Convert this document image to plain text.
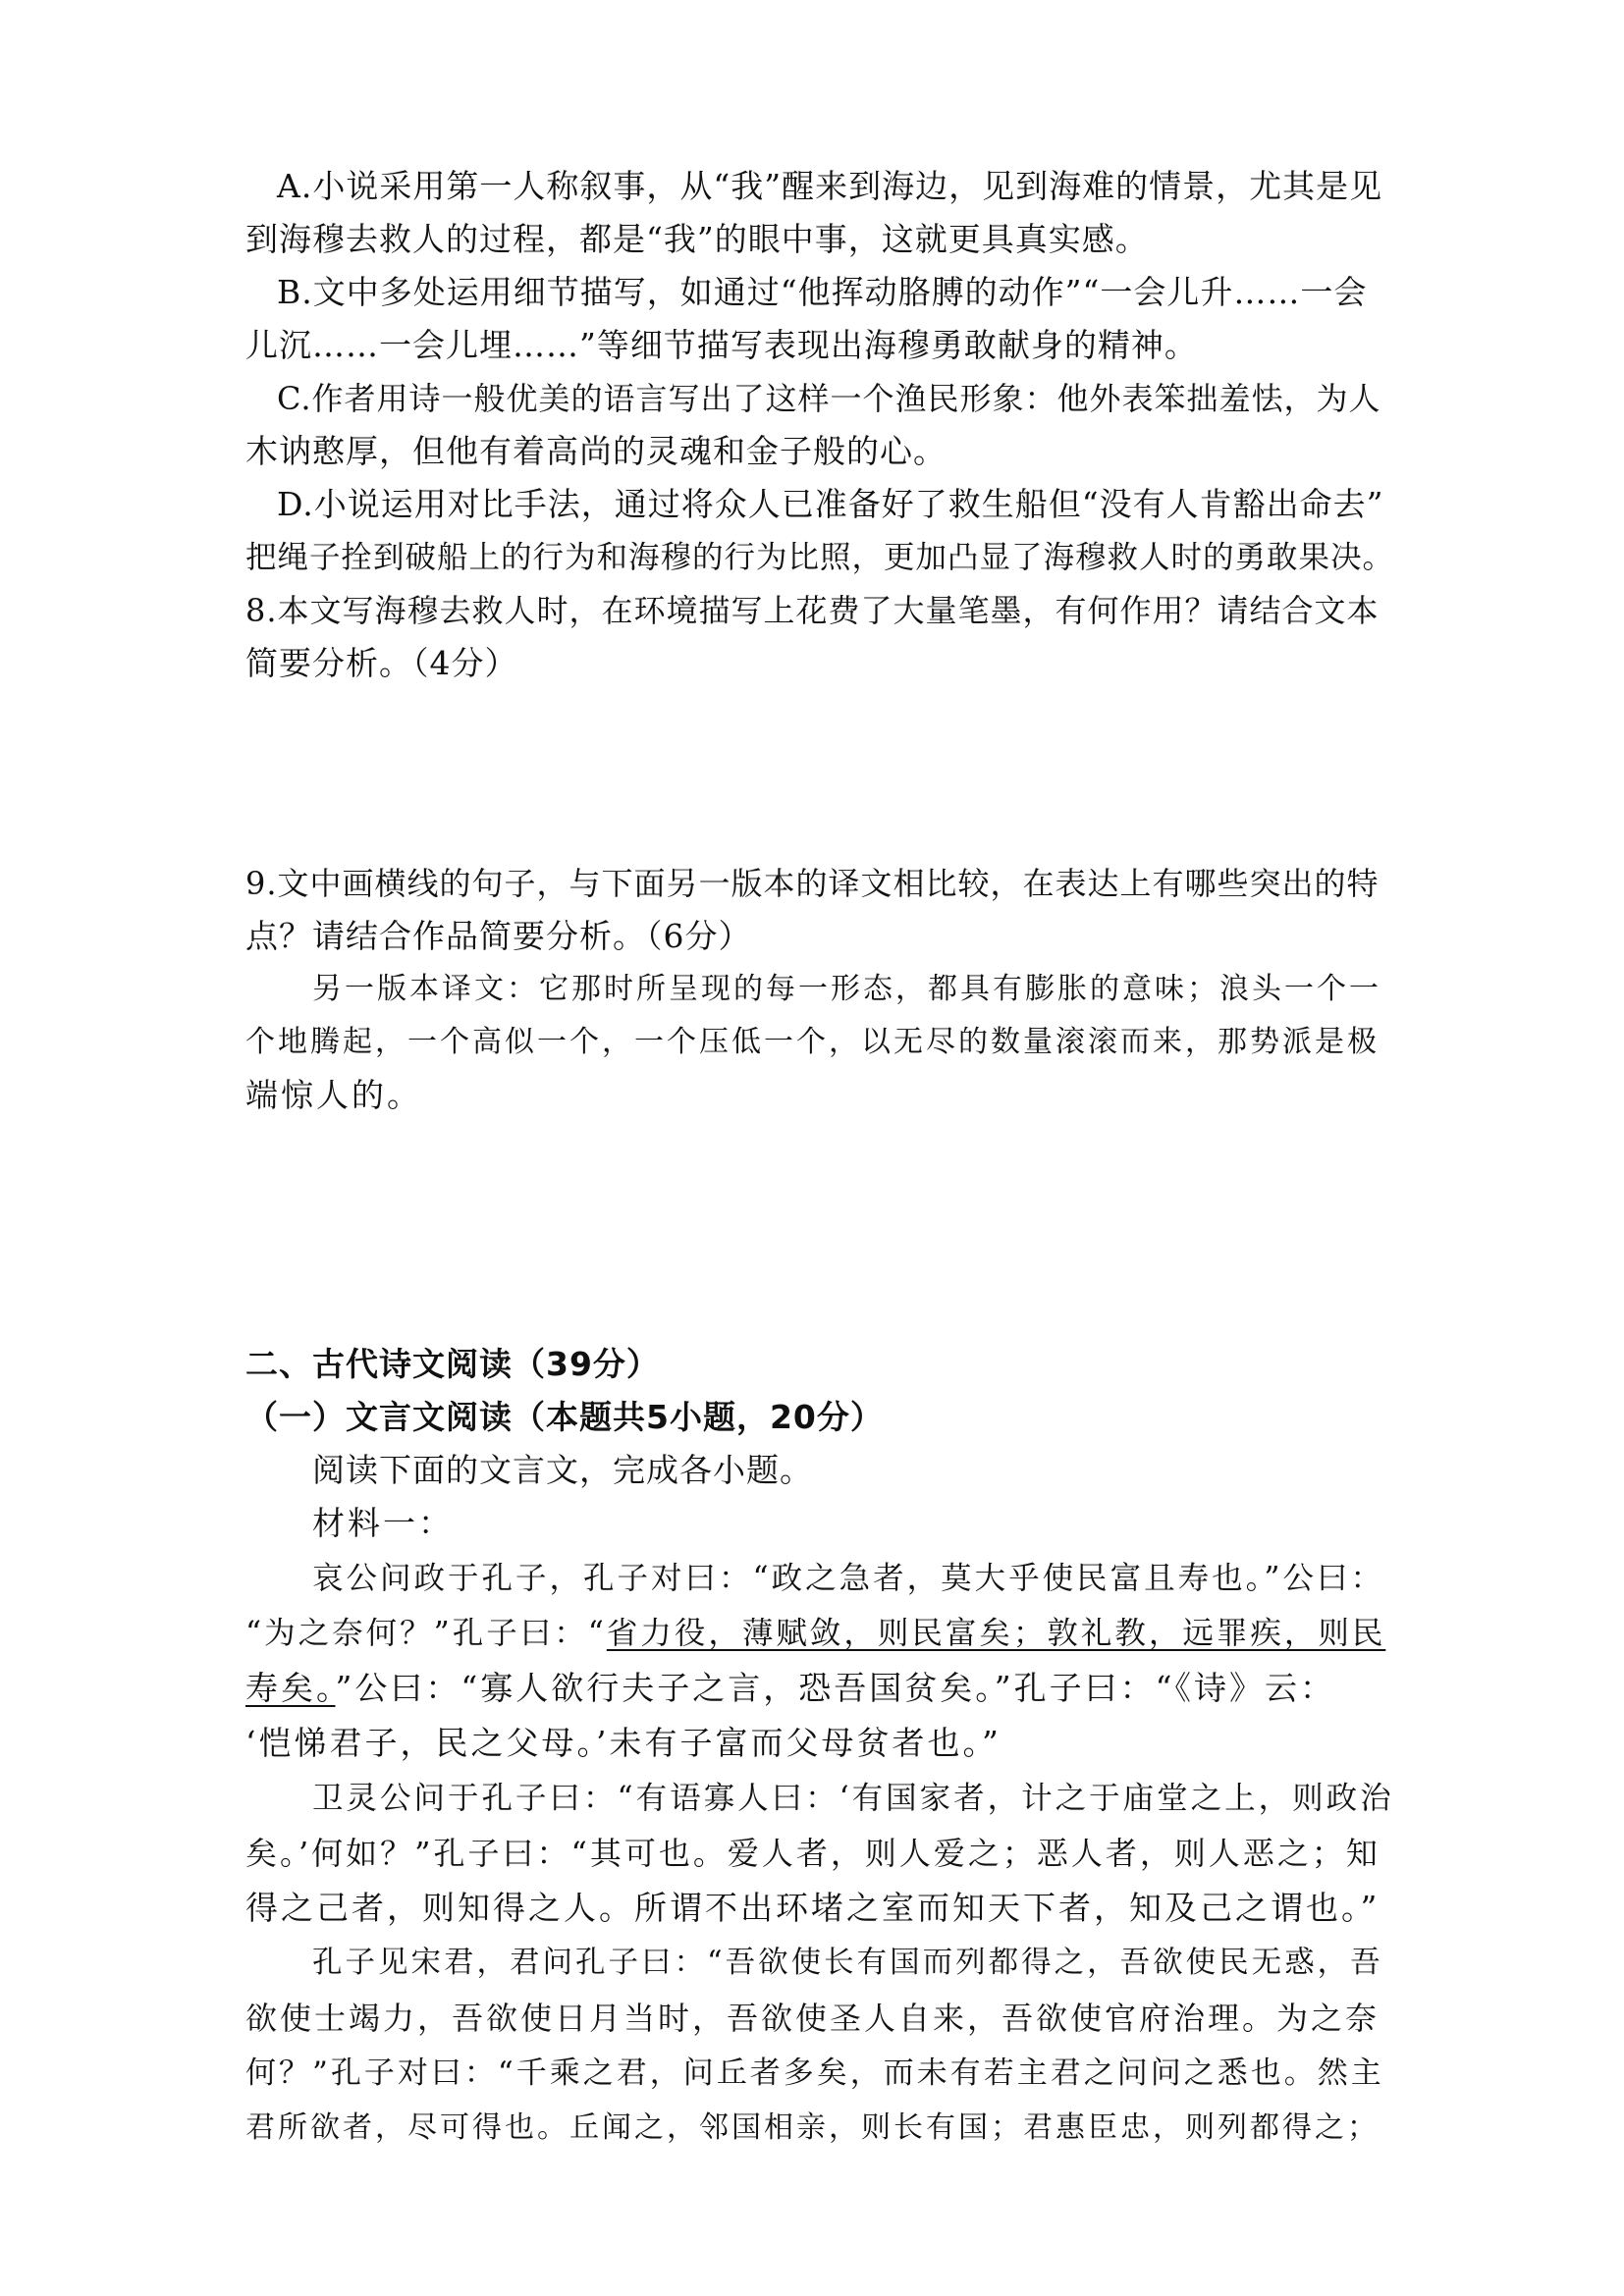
A.小说采用第一人称叙事，从“我”醒来到海边，见到海难的情景，尤其是见
到海穆去救人的过程，都是“我”的眼中事，这就更具真实感。
B.文中多处运用细节描写，如通过“他挥动胳膊的动作”“一会儿升……一会
儿沉……一会儿埋……”等细节描写表现出海穆勇敢献身的精神。
C.作者用诗一般优美的语言写出了这样一个渔民形象：他外表笨拙羞怯，为人
木讷憨厚，但他有着高尚的灵魂和金子般的心。
D.小说运用对比手法，通过将众人已准备好了救生船但“没有人肯豁出命去”
把绳子拴到破船上的行为和海穆的行为比照，更加凸显了海穆救人时的勇敢果决。
8.本文写海穆去救人时，在环境描写上花费了大量笔墨，有何作用？请结合文本
简要分析。（4分）
9.文中画横线的句子，与下面另一版本的译文相比较，在表达上有哪些突出的特
点？请结合作品简要分析。（6分）
另一版本译文：它那时所呈现的每一形态，都具有膨胀的意味；浪头一个一
个地腾起，一个高似一个，一个压低一个，以无尽的数量滚滚而来，那势派是极
端惊人的。
二、古代诗文阅读（39分）
（一）文言文阅读（本题共5小题，20分）
阅读下面的文言文，完成各小题。
材料一：
哀公问政于孔子，孔子对曰：“政之急者，莫大乎使民富且寿也。”公曰：
“为之奈何？”孔子曰：“省力役，薄赋敛，则民富矣；敦礼教，远罪疾，则民
寿矣。”公曰：“寡人欲行夫子之言，恐吾国贫矣。”孔子曰：“《诗》云：
‘恺悌君子，民之父母。’未有子富而父母贫者也。”
卫灵公问于孔子曰：“有语寡人曰：‘有国家者，计之于庙堂之上，则政治
矣。’何如？”孔子曰：“其可也。爱人者，则人爱之；恶人者，则人恶之；知
得之己者，则知得之人。所谓不出环堵之室而知天下者，知及己之谓也。”
孔子见宋君，君问孔子曰：“吾欲使长有国而列都得之，吾欲使民无惑，吾
欲使士竭力，吾欲使日月当时，吾欲使圣人自来，吾欲使官府治理。为之奈
何？”孔子对曰：“千乘之君，问丘者多矣，而未有若主君之问问之悉也。然主
君所欲者，尽可得也。丘闻之，邻国相亲，则长有国；君惠臣忠，则列都得之；
